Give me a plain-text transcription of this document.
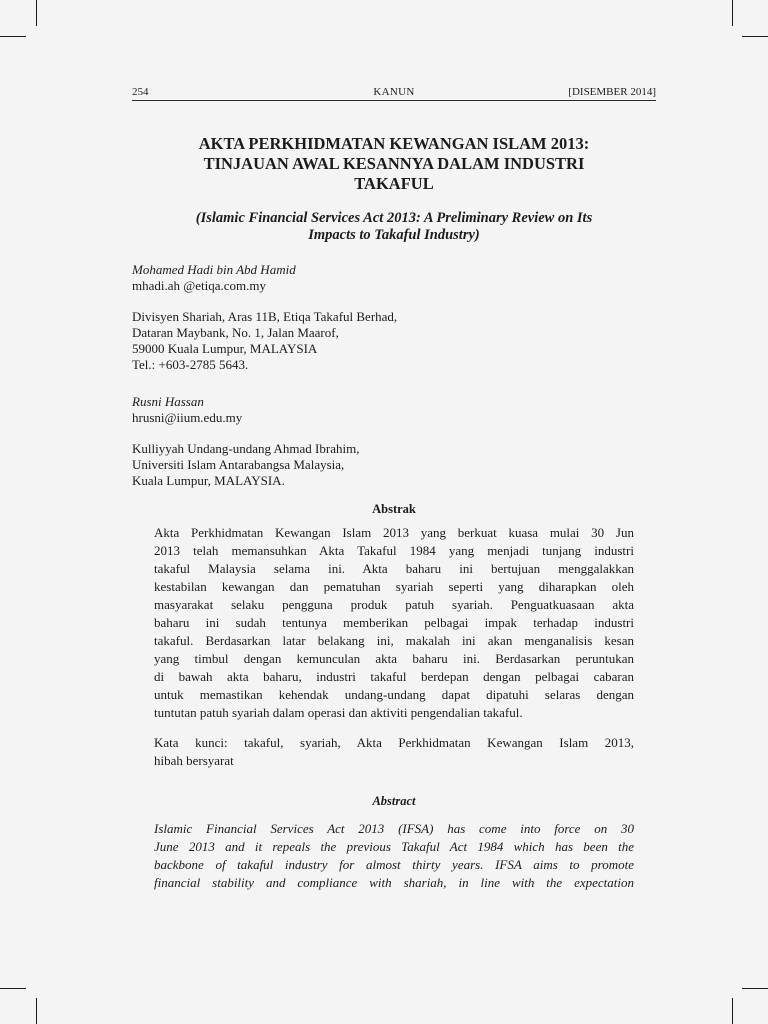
254	KANUN	[DISEMBER 2014]
AKTA PERKHIDMATAN KEWANGAN ISLAM 2013:
TINJAUAN AWAL KESANNYA DALAM INDUSTRI
TAKAFUL
(Islamic Financial Services Act 2013: A Preliminary Review on Its
Impacts to Takaful Industry)
Mohamed Hadi bin Abd Hamid
mhadi.ah @etiqa.com.my
Divisyen Shariah, Aras 11B, Etiqa Takaful Berhad,
Dataran Maybank, No. 1, Jalan Maarof,
59000 Kuala Lumpur, MALAYSIA
Tel.: +603-2785 5643.
Rusni Hassan
hrusni@iium.edu.my
Kulliyyah Undang-undang Ahmad Ibrahim,
Universiti Islam Antarabangsa Malaysia,
Kuala Lumpur, MALAYSIA.
Abstrak
Akta Perkhidmatan Kewangan Islam 2013 yang berkuat kuasa mulai 30 Jun
2013 telah memansuhkan Akta Takaful 1984 yang menjadi tunjang industri
takaful Malaysia selama ini. Akta baharu ini bertujuan menggalakkan
kestabilan kewangan dan pematuhan syariah seperti yang diharapkan oleh
masyarakat selaku pengguna produk patuh syariah. Penguatkuasaan akta
baharu ini sudah tentunya memberikan pelbagai impak terhadap industri
takaful. Berdasarkan latar belakang ini, makalah ini akan menganalisis kesan
yang timbul dengan kemunculan akta baharu ini. Berdasarkan peruntukan
di bawah akta baharu, industri takaful berdepan dengan pelbagai cabaran
untuk memastikan kehendak undang-undang dapat dipatuhi selaras dengan
tuntutan patuh syariah dalam operasi dan aktiviti pengendalian takaful.
Kata kunci: takaful, syariah, Akta Perkhidmatan Kewangan Islam 2013,
hibah bersyarat
Abstract
Islamic Financial Services Act 2013 (IFSA) has come into force on 30
June 2013 and it repeals the previous Takaful Act 1984 which has been the
backbone of takaful industry for almost thirty years. IFSA aims to promote
financial stability and compliance with shariah, in line with the expectation
